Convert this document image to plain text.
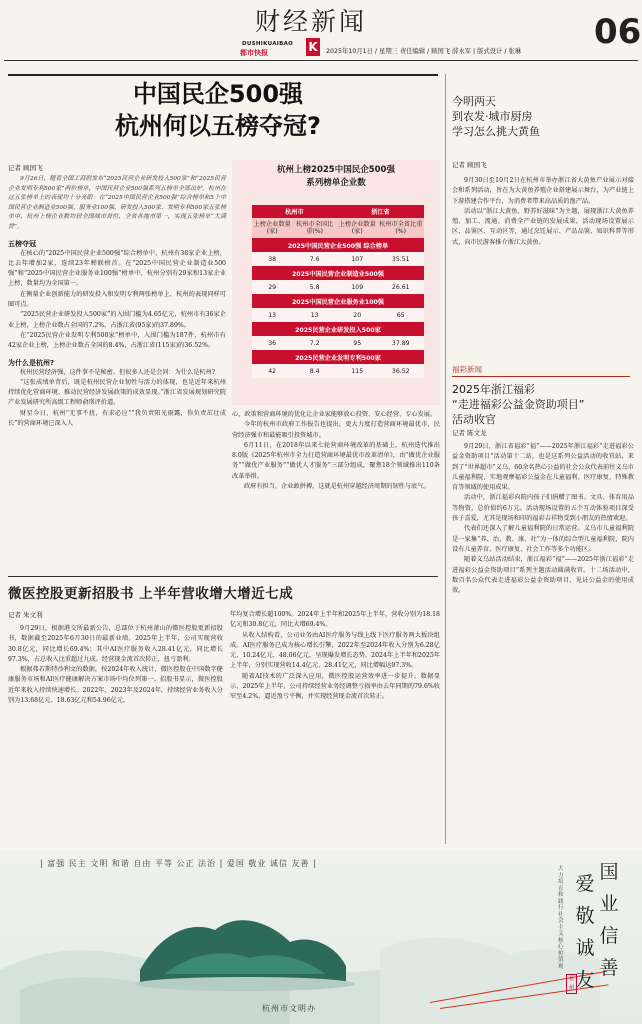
财经新闻
DUSHIKUAIBAO
都市快报	K	2025年10月1日 / 星期三 责任编辑 / 顾国飞 薛永军 | 版式设计 / 张琳 06
中国民企500强
杭州何以五榜夺冠?
记者 顾国飞

9月26日，随着全国工商联发布“2025民营企业研发投入500家”和“2025民营企业发明专利500家”两份榜单，中国民营企业500强系列五榜单全部出炉。杭州在这五张榜单上的表现均十分亮眼：在“2025中国民营企业500强”综合榜单和5个中国民营企业制造业500强、服务业100强、研发投入500家、发明专利500家五张榜单中，杭州上榜企业数均居全国城市首位，全省各地市第一，实现五张榜单“大满贯”。

五榜夺冠

在核心的“2025中国民营企业500强”综合榜单中，杭州有38家企业上榜，比去年增加2家，连续23年蝉联榜首。在“2025中国民营企业制造业500强”和“2025中国民营企业服务业100强”榜单中，杭州分别有29家和13家企业上榜，数量均为全国第一。

在衡量企业创新能力的研发投入和发明专利两张榜单上，杭州的表现同样可圈可点。

“2025民营企业研发投入500家”的入围门槛为4.65亿元，杭州市有36家企业上榜，上榜企业数占全国的7.2%，占浙江省(95家)的37.89%。

在“2025民营企业发明专利500家”榜单中，入围门槛为187件，杭州市有42家企业上榜，上榜企业数占全国的8.4%，占浙江省(115家)的36.52%。

为什么是杭州?

杭州民营经济强，这件事不是秘密。但很多人还是会问：为什么是杭州?

“这张成绩单背后，既是杭州民营企业韧性与活力的体现，也是近年来杭州持续优化营商环境、推动民营经济发展政策的成效显现。”浙江省发展规划研究院产业发展研究所高级工程师俞瑛评价道。

财星今日，杭州“无事不扰，有求必应”“我负责阳光雨露，你负责茁壮成长”的营商环境已深入人

心，政策和营商环境的优化让企业家能够放心投资、安心经营、专心发展。

今年的杭州市政府工作报告也提出，更大力度打造营商环境最优市，民营经济强市和最能吸引投资城市。

6月11日，在2018年以来七轮营商环境改革的基础上，杭州迭代推出8.0版《2025年杭州市全力打造营商环境最优市改革清单》，由“做优企业服务”“做优产业服务”“做优人才服务”三部分组成，聚焦18个领域推出110条改革举措。

政府有担当，企业敢拼搏，这就是杭州穿越经济周期的韧性与底气。

杭州上榜2025中国民企500强
系列榜单企业数
杭州市		浙江省	
上榜企业数量(家)	杭州市全国比重(%)	上榜企业数量(家)	杭州市全省比重(%)
2025中国民营企业500强 综合榜单			
38	7.6	107	35.51
2025中国民营企业制造业500强			
29	5.8	109	26.61
2025中国民营企业服务业100强			
13	13	20	65
2025民营企业研发投入500家			
36	7.2	95	37.89
2025民营企业发明专利500家			
42	8.4	115	36.52
今明两天
到农发·城市厨房
学习怎么挑大黄鱼
记者 顾国飞

9月30日至10月2日在杭州市举办浙江省大黄鱼产业展示对接会和系列活动，旨在为大黄鱼养殖企业搭建展示舞台，为产业链上下游搭建合作平台，为消费者带来高品质的渔产品。

活动以“浙江大黄鱼，野养好滋味”为主题，展现浙江大黄鱼养殖、加工、流通、消费全产业链的发展成果，活动现场设置展示区、品鉴区、互动区等，通过烹饪展示、产品品鉴、知识科普等形式，向市民游客推介浙江大黄鱼。

福彩新闻
2025年浙江福彩
“走进福彩公益金资助项目”
活动收官
记者 陈文龙

9月29日，浙江省福彩“福”——2025年浙江福彩“走进福彩公益金资助项目”活动第十二站，也是这系列公益活动的收官站，来到了“世界超市”义乌，60余名热心公益的社会公众代表前往义乌市儿童福利院，实地观摩福彩公益金在儿童福利、医疗康复、特殊教育等领域的使用成果。

活动中，浙江福彩向院内孩子们捐赠了图书、文具、体育用品等物资，总价值约6万元。活动现场设置的五个互动体验项目深受孩子喜爱，尤其是现场和印的福彩吉祥物受到小朋友的热情欢迎。

代表们还深入了解儿童福利院的日常运营。义乌市儿童福利院是一家集“养、治、教、康、社”为一体的综合型儿童福利院，院内设有儿童养育、医疗康复、社会工作等多个功能区。

随着义乌站活动结束，浙江福彩“福”——2025年浙江福彩“走进福彩公益金资助项目”系列主题活动圆满收官。十二场活动中，数百名公众代表走进福彩公益金资助项目，见证公益金的使用成效。

微医控股更新招股书 上半年营收增大增近七成
记者 朱文利

9月29日，根据港交所最新公告，总部位于杭州萧山的微医控股更新招股书，数据截至2025年6月30日的最新业绩。2025年上半年，公司实现营收30.8亿元，同比增长69.4%；其中AI医疗服务收入28.41亿元，同比增长97.3%，占总收入比重超过九成。经营现金流首次转正，扭亏盈利。

根据弗若斯特沙利文的数据，按2024年收入统计，微医控股在中国数字健康服务市场和AI医疗健康解决方案市场中均位列第一。招股书显示，微医控股近年来收入持续快速增长。2022年、2023年及2024年，持续经营业务收入分别为13.68亿元、18.63亿元和54.96亿元，

年均复合增长超100%。2024年上半年和2025年上半年，营收分别为18.18亿元和30.8亿元，同比大增69.4%。

从收入结构看，公司业务由AI医疗服务与线上线下医疗服务两大板块组成。AI医疗服务已成为核心增长引擎，2022年至2024年收入分别为6.28亿元、10.24亿元、48.06亿元，呈现爆发增长态势。2024年上半年和2025年上半年，分别实现营收14.4亿元、28.41亿元，同比增幅达97.3%。

随着AI技术的广泛深入应用，微医控股运营效率进一步提升。数据显示，2025年上半年，公司持续经营业务经调整亏损率由去年同期的79.6%收窄至4.2%，逼近盈亏平衡，并实现经营现金流首次转正。

| 富强 民主 文明 和谐 自由 平等 公正 法治 | 爱国 敬业 诚信 友善 |
大力培育和践行社会主义核心价值观
爱
敬
诚
友
国
业
信
善
杭州
杭州市文明办
